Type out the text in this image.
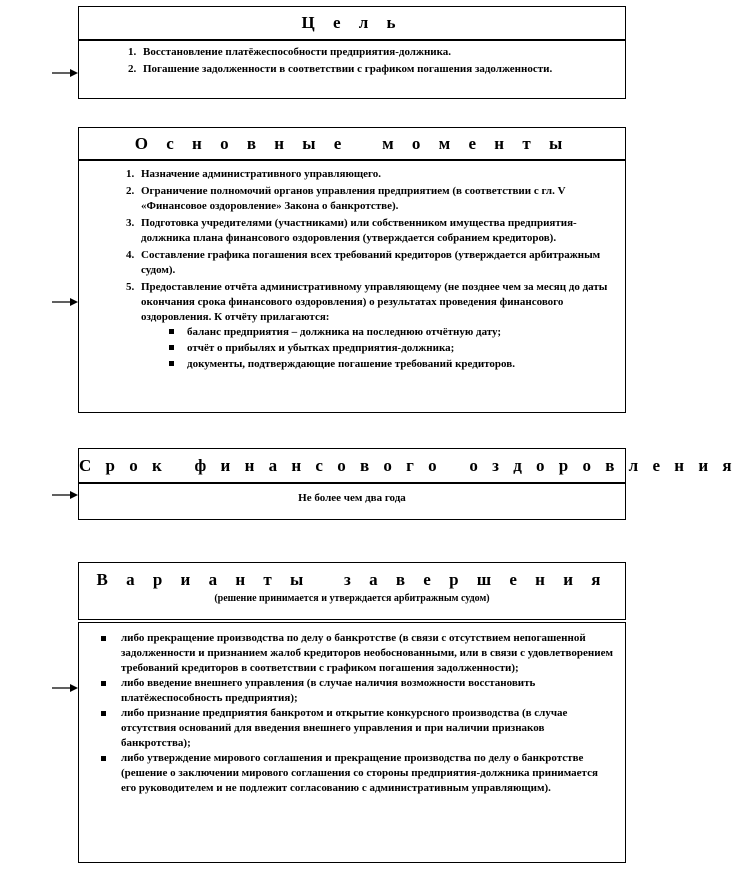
Ц е л ь
1. Восстановление платёжеспособности предприятия-должника.
2. Погашение задолженности в соответствии с графиком погашения задолженности.
О с н о в н ы е   м о м е н т ы
1. Назначение административного управляющего.
2. Ограничение полномочий органов управления предприятием (в соответствии с гл. V «Финансовое оздоровление» Закона о банкротстве).
3. Подготовка учредителями (участниками) или собственником имущества предприятия-должника плана финансового оздоровления (утверждается собранием кредиторов).
4. Составление графика погашения всех требований кредиторов (утверждается арбитражным судом).
5. Предоставление отчёта административному управляющему (не позднее чем за месяц до даты окончания срока финансового оздоровления) о результатах проведения финансового оздоровления. К отчёту прилагаются:
баланс предприятия – должника на последнюю отчётную дату;
отчёт о прибылях и убытках предприятия-должника;
документы, подтверждающие погашение требований кредиторов.
С р о к   ф и н а н с о в о г о   о з д о р о в л е н и я
Не более чем два года
В а р и а н т ы   з а в е р ш е н и я
(решение принимается и утверждается арбитражным судом)
либо прекращение производства по делу о банкротстве (в связи с отсутствием непогашенной задолженности и признанием жалоб кредиторов необоснованными, или в связи с удовлетворением требований кредиторов в соответствии с графиком погашения задолженности);
либо введение внешнего управления (в случае наличия возможности восстановить платёжеспособность предприятия);
либо признание предприятия банкротом и открытие конкурсного производства (в случае отсутствия оснований для введения внешнего управления и при наличии признаков банкротства);
либо утверждение мирового соглашения и прекращение производства по делу о банкротстве (решение о заключении мирового соглашения со стороны предприятия-должника принимается его руководителем и не подлежит согласованию с административным управляющим).
